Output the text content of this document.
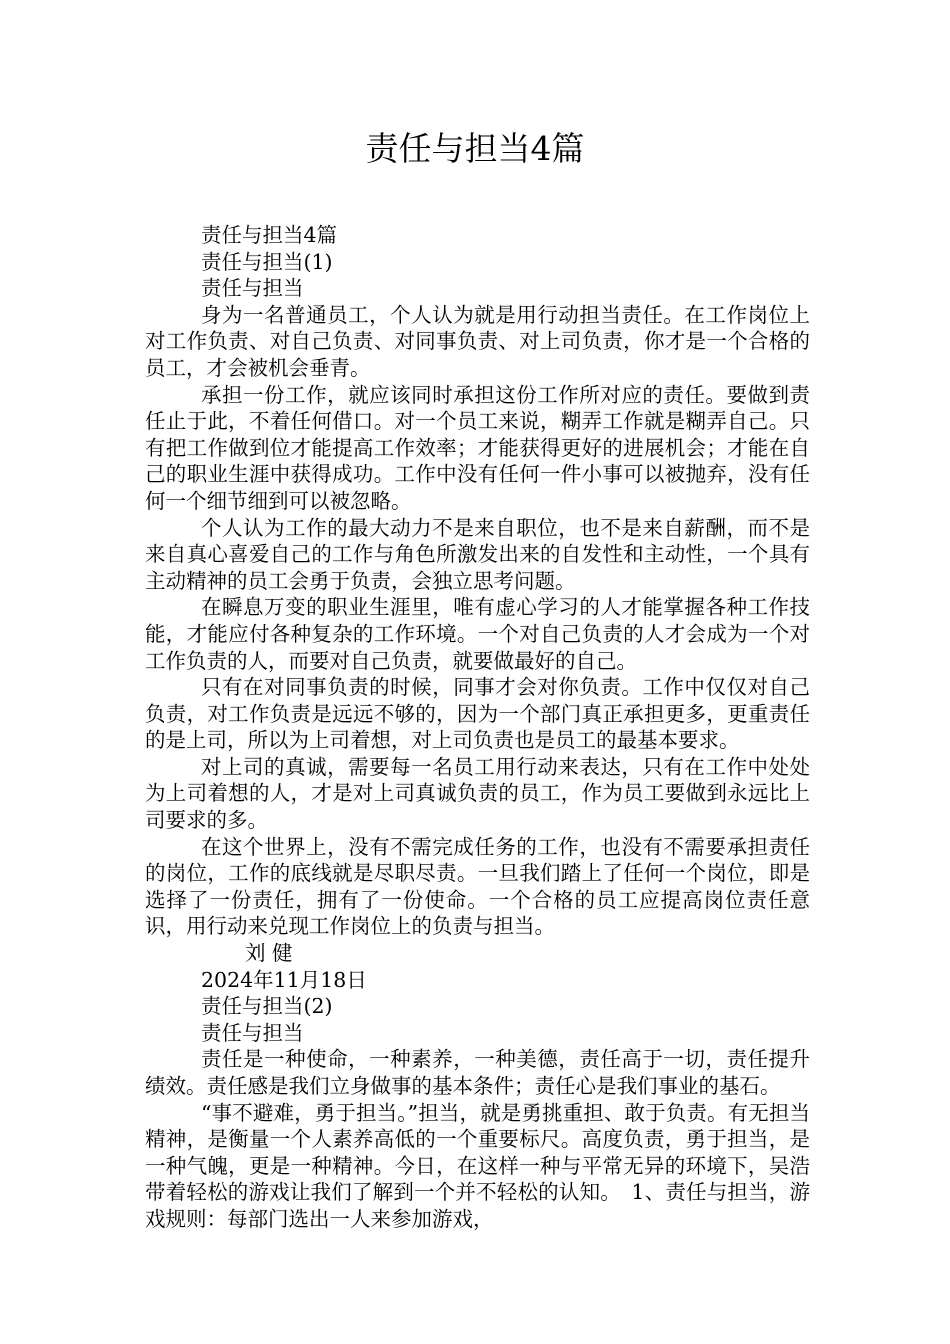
责任与担当4篇

责任与担当4篇

责任与担当(1)

责任与担当

身为一名普通员工，个人认为就是用行动担当责任。在工作岗位上对工作负责、对自己负责、对同事负责、对上司负责，你才是一个合格的员工，才会被机会垂青。

承担一份工作，就应该同时承担这份工作所对应的责任。要做到责任止于此，不着任何借口。对一个员工来说，糊弄工作就是糊弄自己。只有把工作做到位才能提高工作效率；才能获得更好的进展机会；才能在自己的职业生涯中获得成功。工作中没有任何一件小事可以被抛弃，没有任何一个细节细到可以被忽略。

个人认为工作的最大动力不是来自职位，也不是来自薪酬，而不是来自真心喜爱自己的工作与角色所激发出来的自发性和主动性，一个具有主动精神的员工会勇于负责，会独立思考问题。

在瞬息万变的职业生涯里，唯有虚心学习的人才能掌握各种工作技能，才能应付各种复杂的工作环境。一个对自己负责的人才会成为一个对工作负责的人，而要对自己负责，就要做最好的自己。

只有在对同事负责的时候，同事才会对你负责。工作中仅仅对自己负责，对工作负责是远远不够的，因为一个部门真正承担更多，更重责任的是上司，所以为上司着想，对上司负责也是员工的最基本要求。

对上司的真诚，需要每一名员工用行动来表达，只有在工作中处处为上司着想的人，才是对上司真诚负责的员工，作为员工要做到永远比上司要求的多。

在这个世界上，没有不需完成任务的工作，也没有不需要承担责任的岗位，工作的底线就是尽职尽责。一旦我们踏上了任何一个岗位，即是选择了一份责任，拥有了一份使命。一个合格的员工应提高岗位责任意识，用行动来兑现工作岗位上的负责与担当。

刘 健

2024年11月18日

责任与担当(2)

责任与担当

责任是一种使命，一种素养，一种美德，责任高于一切，责任提升绩效。责任感是我们立身做事的基本条件；责任心是我们事业的基石。

“事不避难，勇于担当。”担当，就是勇挑重担、敢于负责。有无担当精神，是衡量一个人素养高低的一个重要标尺。高度负责，勇于担当，是一种气魄，更是一种精神。今日，在这样一种与平常无异的环境下，吴浩带着轻松的游戏让我们了解到一个并不轻松的认知。　1、责任与担当，游戏规则：每部门选出一人来参加游戏，
